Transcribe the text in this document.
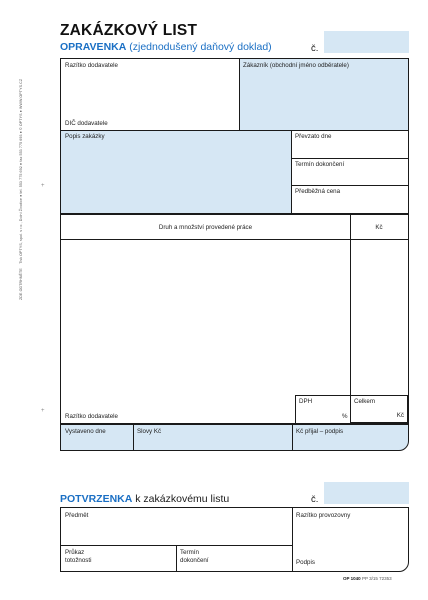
+
+
ZDE ODTRHNĚTE    Tisk OPTYS, spol. s r.o., Dolní Životice ● tel. 553 775 692 ● fax 553 775 693 ● © OPTYS ● WWW.OPTYS.CZ
ZAKÁZKOVÝ LIST
OPRAVENKA (zjednodušený daňový doklad)	č.
Razítko dodavatele	Zákazník (obchodní jméno odběratele)
DIČ dodavatele
Popis zakázky	Převzato dne
Termín dokončení
Předběžná cena
Druh a množství provedené práce	Kč
Razítko dodavatele
DPH
%
Celkem
Kč
Vystaveno dne	Slovy Kč	Kč přijal – podpis
POTVRZENKA k zakázkovému listu	č.
Předmět	Razítko provozovny
Průkaz
totožnosti
Termín
dokončení	Podpis
OP 1040 PP 3/15 72353
